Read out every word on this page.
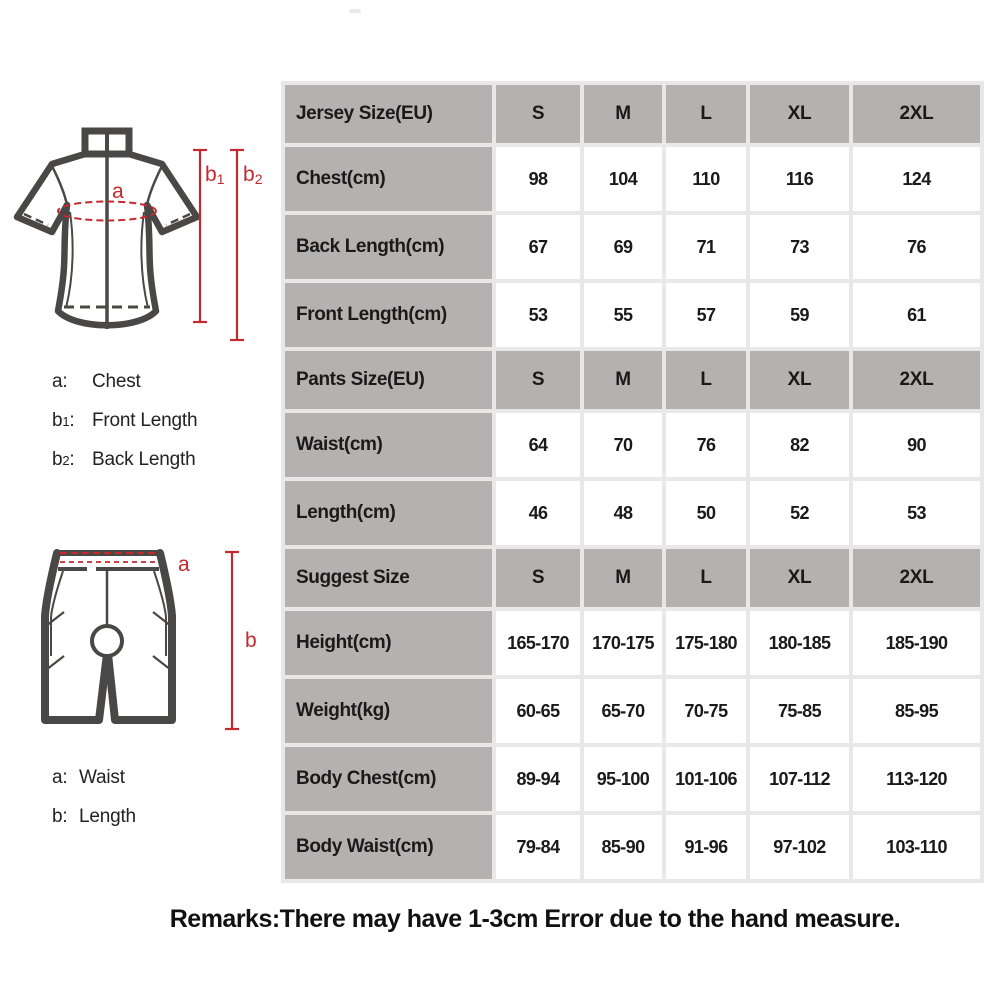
a
b1 b2
a : Chest
b 1 : Front Length
b 2 : Back Length
a
b
a : Waist
b : Length
Jersey Size(EU)	S	M	L	XL	2XL
Chest(cm)	98	104	110	116	124
Back Length(cm)	67	69	71	73	76
Front Length(cm)	53	55	57	59	61
Pants Size(EU)	S	M	L	XL	2XL
Waist(cm)	64	70	76	82	90
Length(cm)	46	48	50	52	53
Suggest Size	S	M	L	XL	2XL
Height(cm)	165-170	170-175	175-180	180-185	185-190
Weight(kg)	60-65	65-70	70-75	75-85	85-95
Body Chest(cm)	89-94	95-100	101-106	107-112	113-120
Body Waist(cm)	79-84	85-90	91-96	97-102	103-110
Remarks:There may have 1-3cm Error due to the hand measure.
